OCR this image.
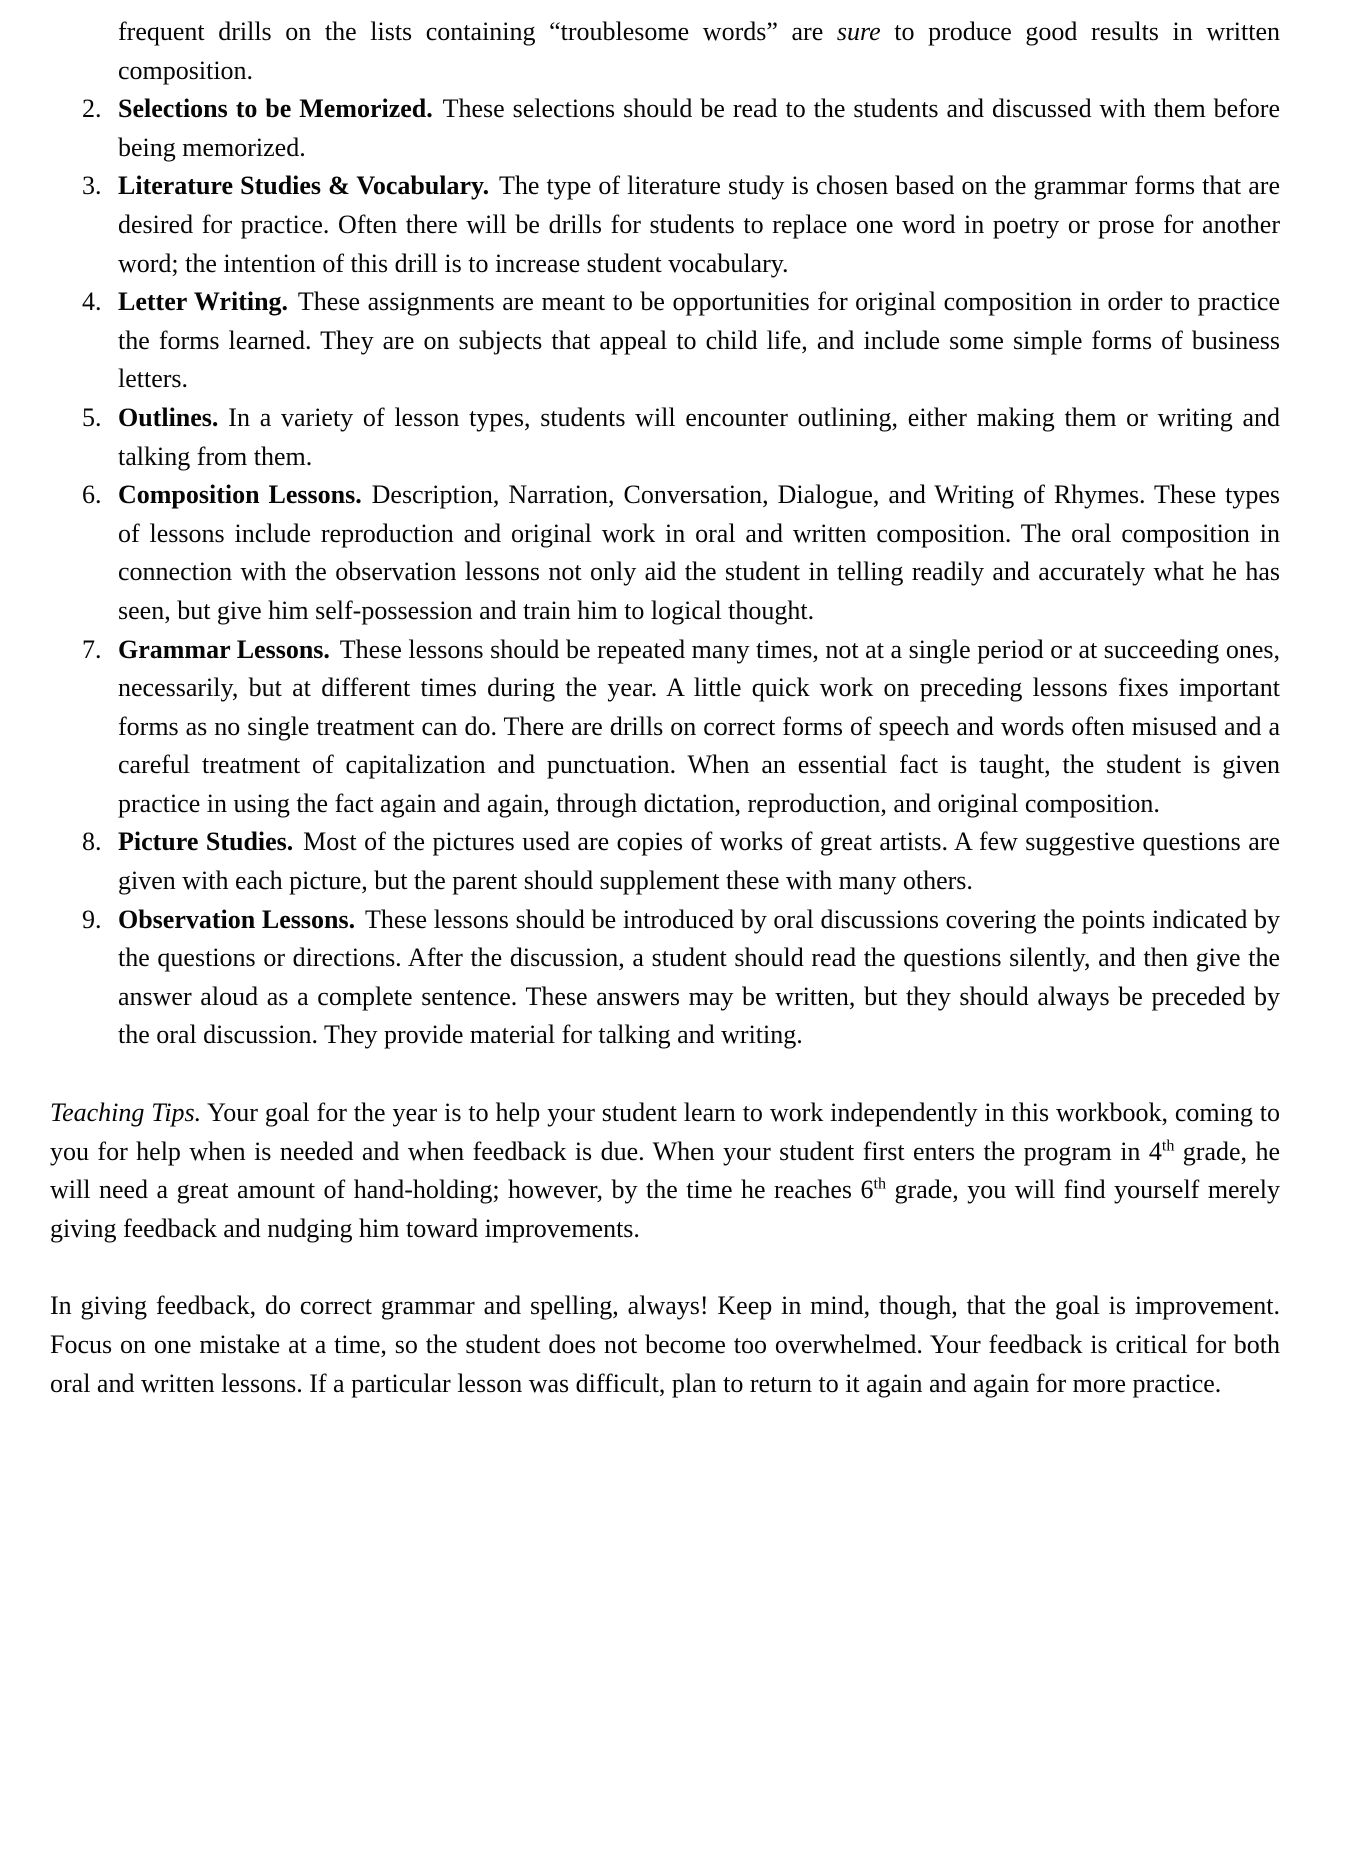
frequent drills on the lists containing “troublesome words” are sure to produce good results in written composition.
2. Selections to be Memorized. These selections should be read to the students and discussed with them before being memorized.
3. Literature Studies & Vocabulary. The type of literature study is chosen based on the grammar forms that are desired for practice. Often there will be drills for students to replace one word in poetry or prose for another word; the intention of this drill is to increase student vocabulary.
4. Letter Writing. These assignments are meant to be opportunities for original composition in order to practice the forms learned. They are on subjects that appeal to child life, and include some simple forms of business letters.
5. Outlines. In a variety of lesson types, students will encounter outlining, either making them or writing and talking from them.
6. Composition Lessons. Description, Narration, Conversation, Dialogue, and Writing of Rhymes. These types of lessons include reproduction and original work in oral and written composition. The oral composition in connection with the observation lessons not only aid the student in telling readily and accurately what he has seen, but give him self-possession and train him to logical thought.
7. Grammar Lessons. These lessons should be repeated many times, not at a single period or at succeeding ones, necessarily, but at different times during the year. A little quick work on preceding lessons fixes important forms as no single treatment can do. There are drills on correct forms of speech and words often misused and a careful treatment of capitalization and punctuation. When an essential fact is taught, the student is given practice in using the fact again and again, through dictation, reproduction, and original composition.
8. Picture Studies. Most of the pictures used are copies of works of great artists. A few suggestive questions are given with each picture, but the parent should supplement these with many others.
9. Observation Lessons. These lessons should be introduced by oral discussions covering the points indicated by the questions or directions. After the discussion, a student should read the questions silently, and then give the answer aloud as a complete sentence. These answers may be written, but they should always be preceded by the oral discussion. They provide material for talking and writing.
Teaching Tips. Your goal for the year is to help your student learn to work independently in this workbook, coming to you for help when is needed and when feedback is due. When your student first enters the program in 4th grade, he will need a great amount of hand-holding; however, by the time he reaches 6th grade, you will find yourself merely giving feedback and nudging him toward improvements.
In giving feedback, do correct grammar and spelling, always! Keep in mind, though, that the goal is improvement. Focus on one mistake at a time, so the student does not become too overwhelmed. Your feedback is critical for both oral and written lessons. If a particular lesson was difficult, plan to return to it again and again for more practice.
